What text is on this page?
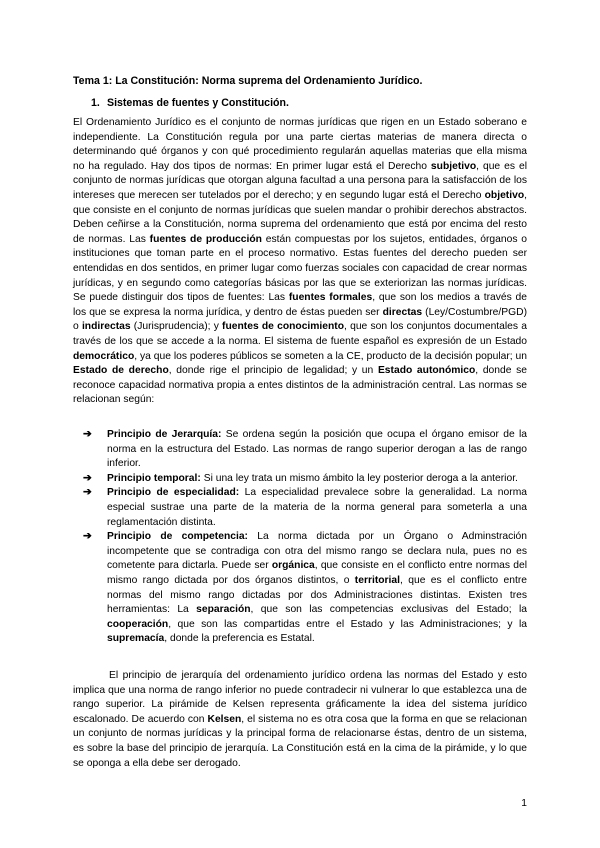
Tema 1: La Constitución: Norma suprema del Ordenamiento Jurídico.
1. Sistemas de fuentes y Constitución.
El Ordenamiento Jurídico es el conjunto de normas jurídicas que rigen en un Estado soberano e independiente. La Constitución regula por una parte ciertas materias de manera directa o determinando qué órganos y con qué procedimiento regularán aquellas materias que ella misma no ha regulado. Hay dos tipos de normas: En primer lugar está el Derecho subjetivo, que es el conjunto de normas jurídicas que otorgan alguna facultad a una persona para la satisfacción de los intereses que merecen ser tutelados por el derecho; y en segundo lugar está el Derecho objetivo, que consiste en el conjunto de normas jurídicas que suelen mandar o prohibir derechos abstractos. Deben ceñirse a la Constitución, norma suprema del ordenamiento que está por encima del resto de normas. Las fuentes de producción están compuestas por los sujetos, entidades, órganos o instituciones que toman parte en el proceso normativo. Estas fuentes del derecho pueden ser entendidas en dos sentidos, en primer lugar como fuerzas sociales con capacidad de crear normas jurídicas, y en segundo como categorías básicas por las que se exteriorizan las normas jurídicas. Se puede distinguir dos tipos de fuentes: Las fuentes formales, que son los medios a través de los que se expresa la norma jurídica, y dentro de éstas pueden ser directas (Ley/Costumbre/PGD) o indirectas (Jurisprudencia); y fuentes de conocimiento, que son los conjuntos documentales a través de los que se accede a la norma. El sistema de fuente español es expresión de un Estado democrático, ya que los poderes públicos se someten a la CE, producto de la decisión popular; un Estado de derecho, donde rige el principio de legalidad; y un Estado autonómico, donde se reconoce capacidad normativa propia a entes distintos de la administración central. Las normas se relacionan según:
➔ Principio de Jerarquía: Se ordena según la posición que ocupa el órgano emisor de la norma en la estructura del Estado. Las normas de rango superior derogan a las de rango inferior.
➔ Principio temporal: Si una ley trata un mismo ámbito la ley posterior deroga a la anterior.
➔ Principio de especialidad: La especialidad prevalece sobre la generalidad. La norma especial sustrae una parte de la materia de la norma general para someterla a una reglamentación distinta.
➔ Principio de competencia: La norma dictada por un Órgano o Adminstración incompetente que se contradiga con otra del mismo rango se declara nula, pues no es cometente para dictarla. Puede ser orgánica, que consiste en el conflicto entre normas del mismo rango dictada por dos órganos distintos, o territorial, que es el conflicto entre normas del mismo rango dictadas por dos Administraciones distintas. Existen tres herramientas: La separación, que son las competencias exclusivas del Estado; la cooperación, que son las compartidas entre el Estado y las Administraciones; y la supremacía, donde la preferencia es Estatal.
El principio de jerarquía del ordenamiento jurídico ordena las normas del Estado y esto implica que una norma de rango inferior no puede contradecir ni vulnerar lo que establezca una de rango superior. La pirámide de Kelsen representa gráficamente la idea del sistema jurídico escalonado. De acuerdo con Kelsen, el sistema no es otra cosa que la forma en que se relacionan un conjunto de normas jurídicas y la principal forma de relacionarse éstas, dentro de un sistema, es sobre la base del principio de jerarquía. La Constitución está en la cima de la pirámide, y lo que se oponga a ella debe ser derogado.
1
